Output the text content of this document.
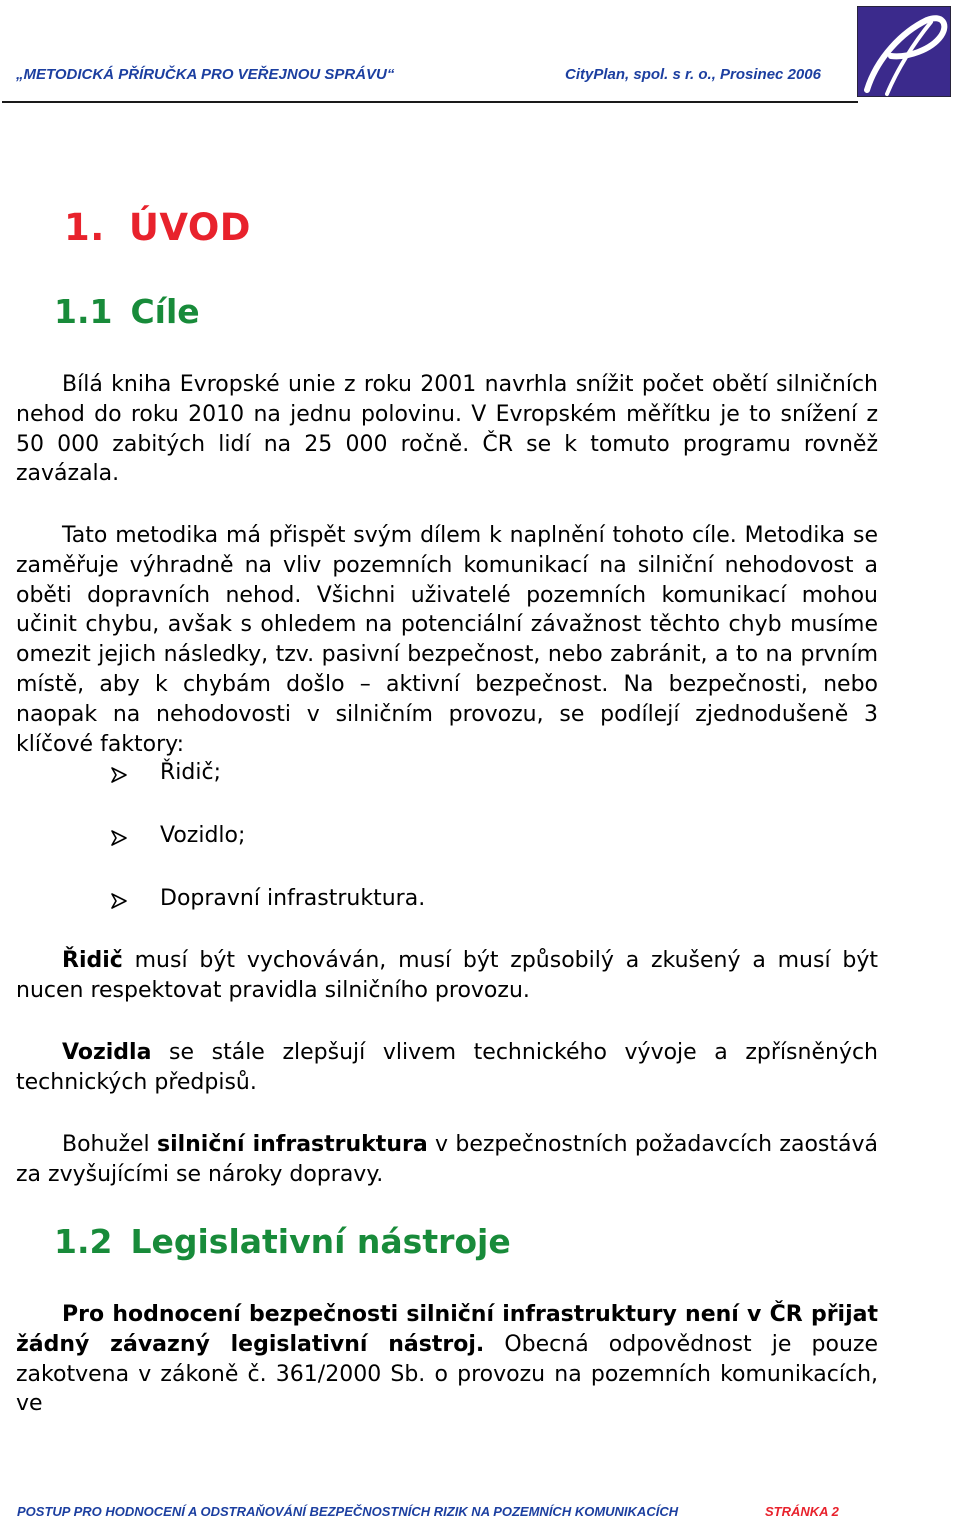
„METODICKÁ PŘÍRUČKA PRO VEŘEJNOU SPRÁVU“	CityPlan, spol. s r. o., Prosinec 2006
1. ÚVOD
1.1 Cíle
Bílá kniha Evropské unie z roku 2001 navrhla snížit počet obětí silničních nehod do roku 2010 na jednu polovinu. V Evropském měřítku je to snížení z 50 000 zabitých lidí na 25 000 ročně. ČR se k tomuto programu rovněž zavázala.
Tato metodika má přispět svým dílem k naplnění tohoto cíle. Metodika se zaměřuje výhradně na vliv pozemních komunikací na silniční nehodovost a oběti dopravních nehod. Všichni uživatelé pozemních komunikací mohou učinit chybu, avšak s ohledem na potenciální závažnost těchto chyb musíme omezit jejich následky, tzv. pasivní bezpečnost, nebo zabránit, a to na prvním místě, aby k chybám došlo – aktivní bezpečnost. Na bezpečnosti, nebo naopak na nehodovosti v silničním provozu, se podílejí zjednodušeně 3 klíčové faktory:
Řidič;
Vozidlo;
Dopravní infrastruktura.
Řidič musí být vychováván, musí být způsobilý a zkušený a musí být nucen respektovat pravidla silničního provozu.
Vozidla se stále zlepšují vlivem technického vývoje a zpřísněných technických předpisů.
Bohužel silniční infrastruktura v bezpečnostních požadavcích zaostává za zvyšujícími se nároky dopravy.
1.2 Legislativní nástroje
Pro hodnocení bezpečnosti silniční infrastruktury není v ČR přijat žádný závazný legislativní nástroj. Obecná odpovědnost je pouze zakotvena v zákoně č. 361/2000 Sb. o provozu na pozemních komunikacích, ve
POSTUP PRO HODNOCENÍ A ODSTRAŇOVÁNÍ BEZPEČNOSTNÍCH RIZIK NA POZEMNÍCH KOMUNIKACÍCH	STRÁNKA 2
